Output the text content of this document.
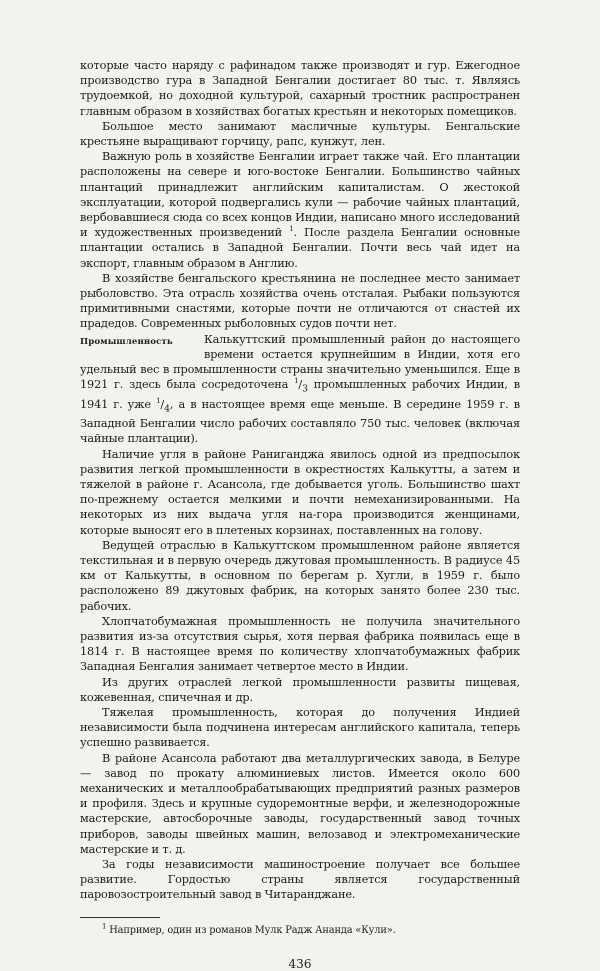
которые часто наряду с рафинадом также производят и гур. Ежегодное производство гура в Западной Бенгалии достигает 80 тыс. т. Являясь трудоемкой, но доходной культурой, сахарный тростник распространен главным образом в хозяйствах богатых крестьян и некоторых помещиков.

Большое место занимают масличные культуры. Бенгальские крестьяне выращивают горчицу, рапс, кунжут, лен.

Важную роль в хозяйстве Бенгалии играет также чай. Его плантации расположены на севере и юго-востоке Бенгалии. Большинство чайных плантаций принадлежит английским капиталистам. О жестокой эксплуатации, которой подвергались кули — рабочие чайных плантаций, вербовавшиеся сюда со всех концов Индии, написано много исследований и художественных произведений $^1$. После раздела Бенгалии основные плантации остались в Западной Бенгалии. Почти весь чай идет на экспорт, главным образом в Англию.

В хозяйстве бенгальского крестьянина не последнее место занимает рыболовство. Эта отрасль хозяйства очень отсталая. Рыбаки пользуются примитивными снастями, которые почти не отличаются от снастей их прадедов. Современных рыболовных судов почти нет.

Промышленность	Калькуттский промышленный район до настоящего времени остается крупнейшим в Индии, хотя его удельный вес в промышленности страны значительно уменьшился. Еще в 1921 г. здесь была сосредоточена $^1/_3$ промышленных рабочих Индии, в 1941 г. уже $^1/_4$, а в настоящее время еще меньше. В середине 1959 г. в Западной Бенгалии число рабочих составляло 750 тыс. человек (включая чайные плантации).

Наличие угля в районе Раниганджа явилось одной из предпосылок развития легкой промышленности в окрестностях Калькутты, а затем и тяжелой в районе г. Асансола, где добывается уголь. Большинство шахт по-прежнему остается мелкими и почти немеханизированными. На некоторых из них выдача угля на-гора производится женщинами, которые выносят его в плетеных корзинах, поставленных на голову.

Ведущей отраслью в Калькуттском промышленном районе является текстильная и в первую очередь джутовая промышленность. В радиусе 45 км от Калькутты, в основном по берегам р. Хугли, в 1959 г. было расположено 89 джутовых фабрик, на которых занято более 230 тыс. рабочих.

Хлопчатобумажная промышленность не получила значительного развития из-за отсутствия сырья, хотя первая фабрика появилась еще в 1814 г. В настоящее время по количеству хлопчатобумажных фабрик Западная Бенгалия занимает четвертое место в Индии.

Из других отраслей легкой промышленности развиты пищевая, кожевенная, спичечная и др.

Тяжелая промышленность, которая до получения Индией независимости была подчинена интересам английского капитала, теперь успешно развивается.

В районе Асансола работают два металлургических завода, в Белуре — завод по прокату алюминиевых листов. Имеется около 600 механических и металлообрабатывающих предприятий разных размеров и профиля. Здесь и крупные судоремонтные верфи, и железнодорожные мастерские, автосборочные заводы, государственный завод точных приборов, заводы швейных машин, велозавод и электромеханические мастерские и т. д.

За годы независимости машиностроение получает все большее развитие. Гордостью страны является государственный паровозостроительный завод в Читаранджане.

$^1$ Например, один из романов Мулк Радж Ананда «Кули».

436
